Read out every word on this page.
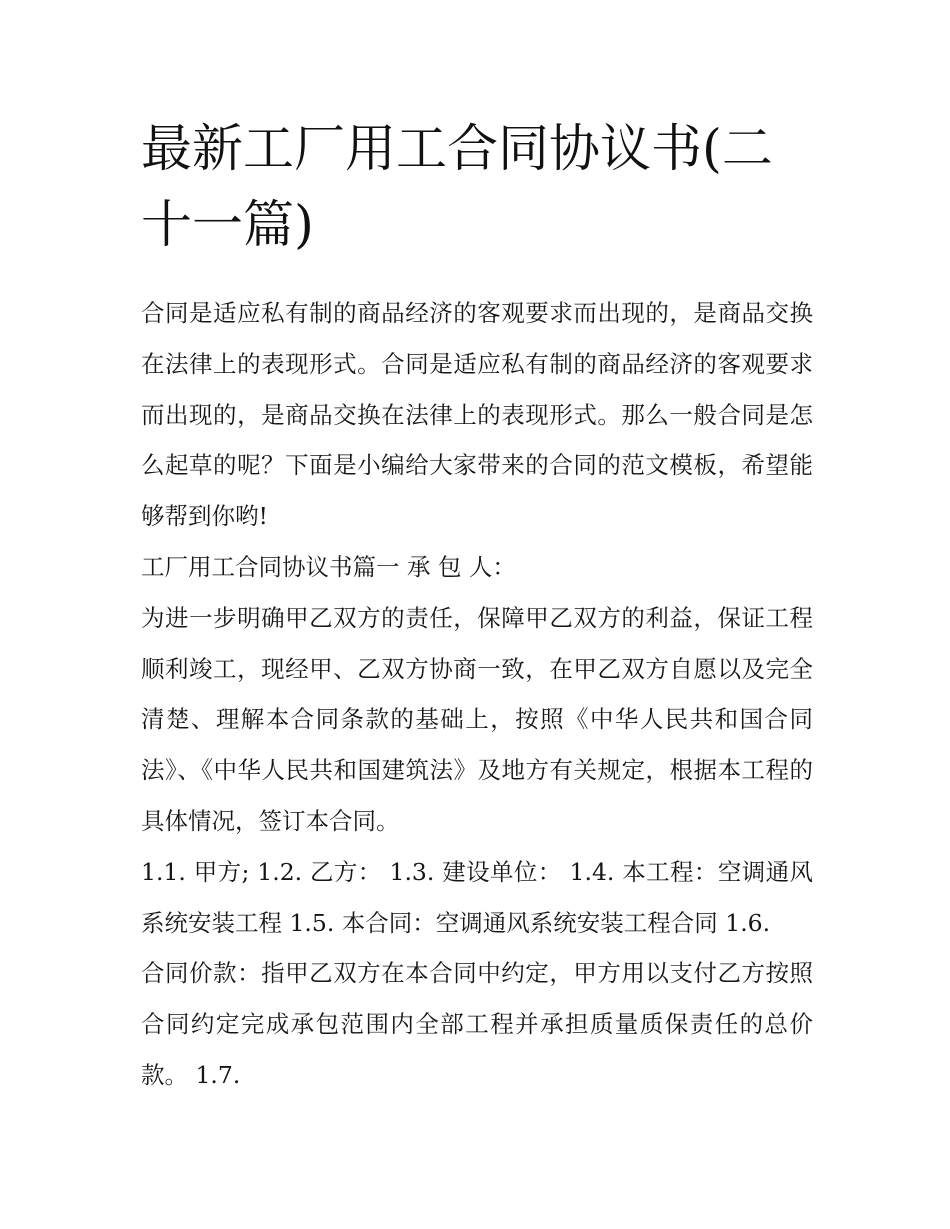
最新工厂用工合同协议书(二十一篇)

合同是适应私有制的商品经济的客观要求而出现的，是商品交换在法律上的表现形式。合同是适应私有制的商品经济的客观要求而出现的，是商品交换在法律上的表现形式。那么一般合同是怎么起草的呢？下面是小编给大家带来的合同的范文模板，希望能够帮到你哟!

工厂用工合同协议书篇一 承 包 人：

为进一步明确甲乙双方的责任，保障甲乙双方的利益，保证工程顺利竣工，现经甲、乙双方协商一致，在甲乙双方自愿以及完全清楚、理解本合同条款的基础上，按照《中华人民共和国合同法》、《中华人民共和国建筑法》及地方有关规定，根据本工程的具体情况，签订本合同。

1.1. 甲方; 1.2. 乙方： 1.3. 建设单位： 1.4. 本工程：空调通风系统安装工程 1.5. 本合同：空调通风系统安装工程合同 1.6.

合同价款：指甲乙双方在本合同中约定，甲方用以支付乙方按照合同约定完成承包范围内全部工程并承担质量质保责任的总价款。 1.7.
